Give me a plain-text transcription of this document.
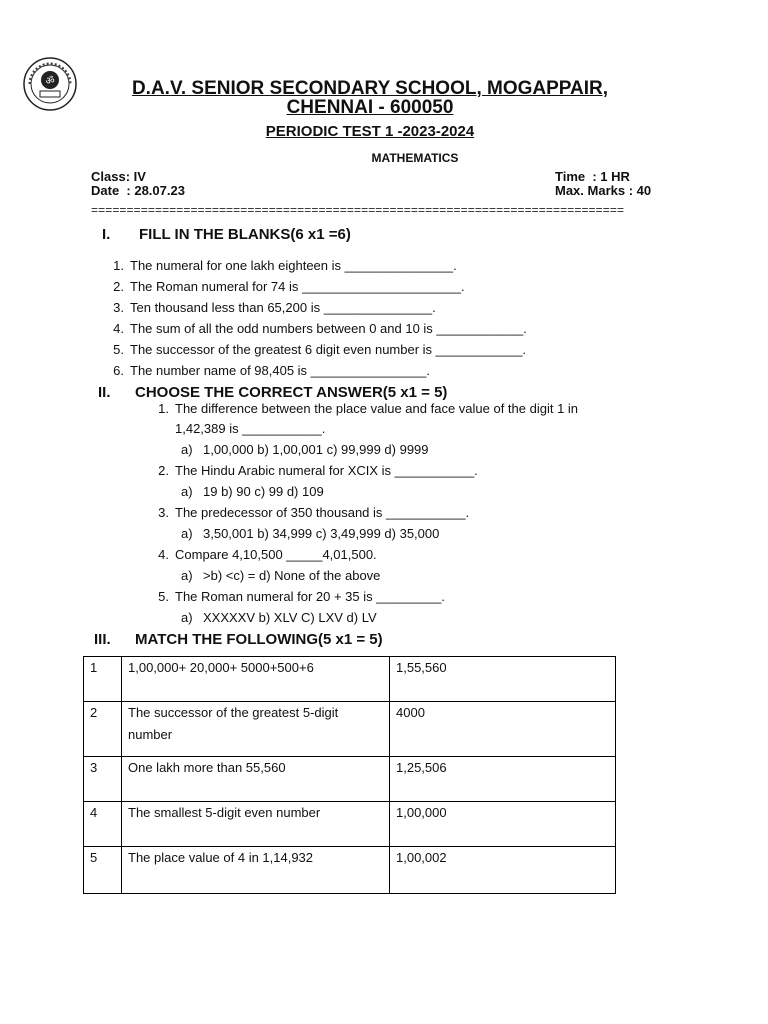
ॐ	D.A.V. SENIOR SECONDARY SCHOOL, MOGAPPAIR,
CHENNAI - 600050
PERIODIC TEST 1 -2023-2024
MATHEMATICS
Class: IV
Date  : 28.07.23
Time  : 1 HR
Max. Marks : 40
===========================================================================
I. FILL IN THE BLANKS(6 x1 =6)
1. The numeral for one lakh eighteen is _______________.
2. The Roman numeral for 74 is ______________________.
3. Ten thousand less than 65,200 is _______________.
4. The sum of all the odd numbers between 0 and 10 is ____________.
5. The successor of the greatest 6 digit even number is ____________.
6. The number name of 98,405 is ________________.
II. CHOOSE THE CORRECT ANSWER(5 x1 = 5)
1. The difference between the place value and face value of the digit 1 in
1,42,389 is ___________.
a) 1,00,000 b) 1,00,001 c) 99,999 d) 9999
2. The Hindu Arabic numeral for XCIX is ___________.
a) 19 b) 90 c) 99 d) 109
3. The predecessor of 350 thousand is ___________.
a) 3,50,001 b) 34,999 c) 3,49,999 d) 35,000
4. Compare 4,10,500 _____4,01,500.
a) >b) <c) = d) None of the above
5. The Roman numeral for 20 + 35 is _________.
a) XXXXXV b) XLV C) LXV d) LV
III. MATCH THE FOLLOWING(5 x1 = 5)
1	1,00,000+ 20,000+ 5000+500+6	1,55,560
2	The successor of the greatest 5-digit number	4000
3	One lakh more than 55,560	1,25,506
4	The smallest 5-digit even number	1,00,000
5	The place value of 4 in 1,14,932	1,00,002
